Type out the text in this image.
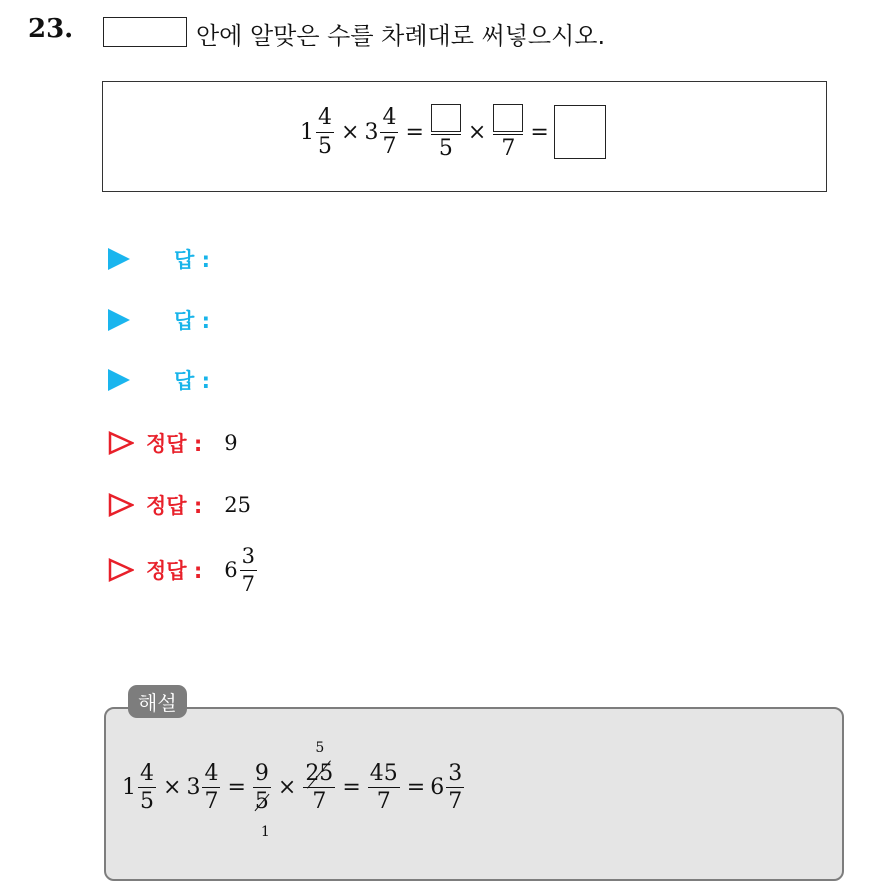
23.	안에 알맞은 수를 차례대로 써넣으시오.
$1 \frac{4}{5} \times 3 \frac{4}{7}$ =
5
×
7
=
답 :
답 :
답 :
정답 : 9
정답 : 25
정답 : $6 \frac{3}{7}$
해설
$1 \frac{4}{5} \times 3 \frac{4}{7}$ =
9
5
1
×
5
25
7
= $\frac{45}{7} = 6 \frac{3}{7}$
